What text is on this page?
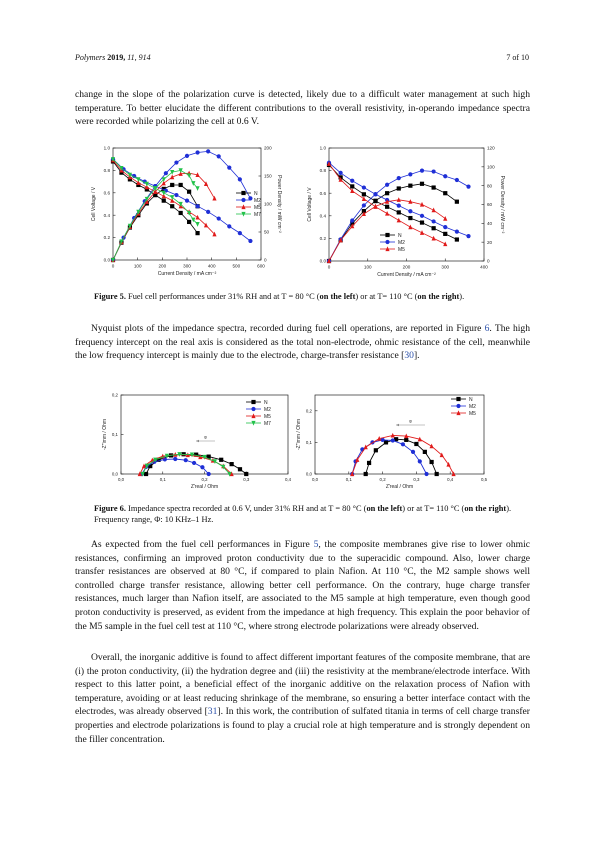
Polymers 2019, 11, 914	7 of 10

change in the slope of the polarization curve is detected, likely due to a difficult water management at such high temperature. To better elucidate the different contributions to the overall resistivity, in-operando impedance spectra were recorded while polarizing the cell at 0.6 V.

0	100	200	300	400	500	600
0.0
0.2
0.4
0.6
0.8
1.0
0
50
100
150
200
Current Density / mA cm⁻²
Cell Voltage / V	Power Density / mW cm⁻²
N
M2
M5
M7
0	100	200	300	400
0.0
0.2
0.4
0.6
0.8
1.0
0
20
40
60
80
100
120
Current Density / mA cm⁻²
Cell Voltage / V	Power Density / mW cm⁻²
N
M2
M5

Figure 5. Fuel cell performances under 31% RH and at T = 80 °C (on the left) or at T= 110 °C (on the right).

Nyquist plots of the impedance spectra, recorded during fuel cell operations, are reported in Figure 6. The high frequency intercept on the real axis is considered as the total non-electrode, ohmic resistance of the cell, meanwhile the low frequency intercept is mainly due to the electrode, charge-transfer resistance [30].

0,0	0,1	0,2	0,3	0,4
0,0
0,1
0,2
Z'real / Ohm
-Z''imm / Ohm
N
M2
M5
M7
Φ
0,0	0,1	0,2	0,3	0,4	0,5
0,0
0,1
0,2
Z'real / Ohm
-Z''imm / Ohm
N
M2
M5
Φ

Figure 6. Impedance spectra recorded at 0.6 V, under 31% RH and at T = 80 °C (on the left) or at T= 110 °C (on the right). Frequency range, Φ: 10 KHz–1 Hz.

As expected from the fuel cell performances in Figure 5, the composite membranes give rise to lower ohmic resistances, confirming an improved proton conductivity due to the superacidic compound. Also, lower charge transfer resistances are observed at 80 °C, if compared to plain Nafion. At 110 °C, the M2 sample shows well controlled charge transfer resistance, allowing better cell performance. On the contrary, huge charge transfer resistances, much larger than Nafion itself, are associated to the M5 sample at high temperature, even though good proton conductivity is preserved, as evident from the impedance at high frequency. This explain the poor behavior of the M5 sample in the fuel cell test at 110 °C, where strong electrode polarizations were already observed.

Overall, the inorganic additive is found to affect different important features of the composite membrane, that are (i) the proton conductivity, (ii) the hydration degree and (iii) the resistivity at the membrane/electrode interface. With respect to this latter point, a beneficial effect of the inorganic additive on the relaxation process of Nafion with temperature, avoiding or at least reducing shrinkage of the membrane, so ensuring a better interface contact with the electrodes, was already observed [31]. In this work, the contribution of sulfated titania in terms of cell charge transfer properties and electrode polarizations is found to play a crucial role at high temperature and is strongly dependent on the filler concentration.
